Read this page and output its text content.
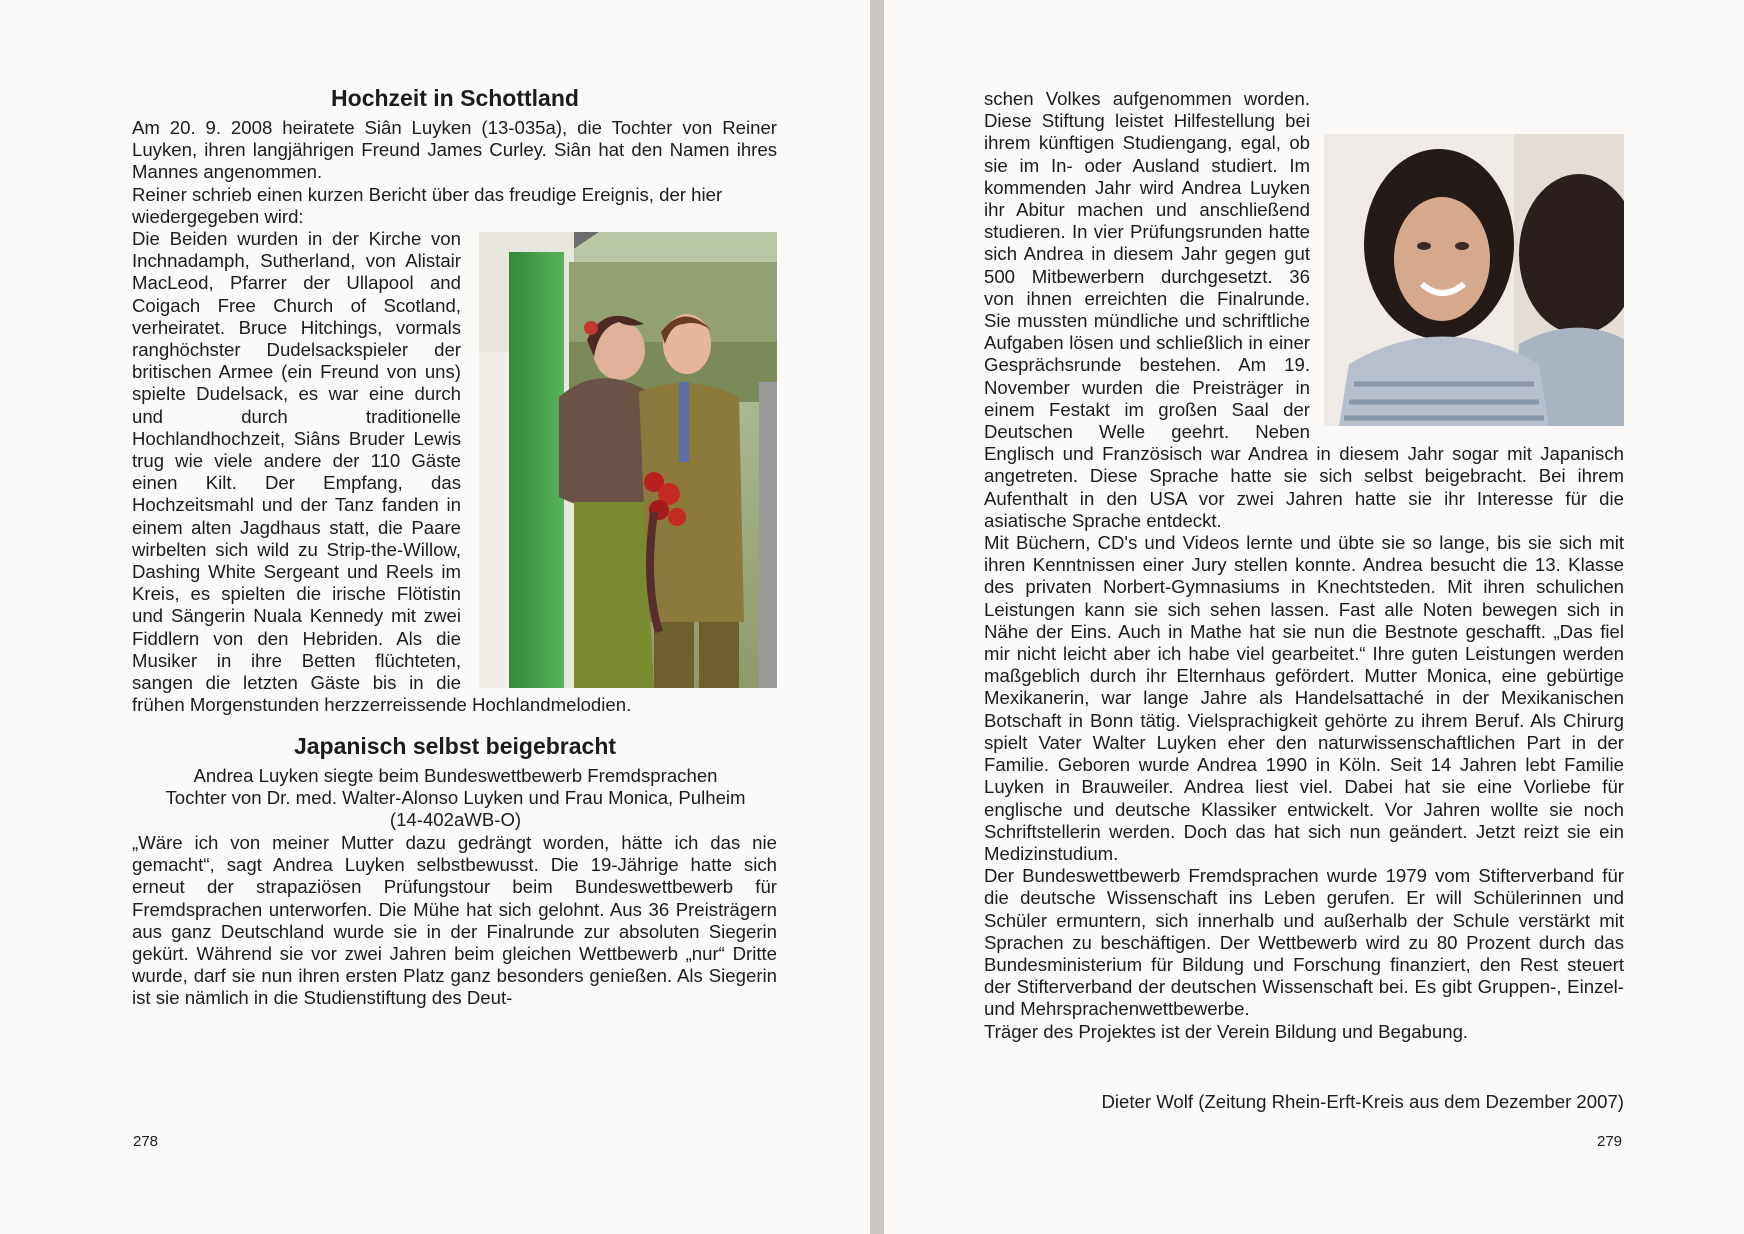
Hochzeit in Schottland

Am 20. 9. 2008 heiratete Siân Luyken (13-035a), die Tochter von Reiner Luyken, ihren langjährigen Freund James Curley. Siân hat den Namen ihres Mannes angenommen.

Reiner schrieb einen kurzen Bericht über das freudige Ereignis, der hier wiedergegeben wird:

Die Beiden wurden in der Kirche von Inchnadamph, Sutherland, von Alistair MacLeod, Pfarrer der Ullapool and Coigach Free Church of Scotland, verheiratet. Bruce Hitchings, vormals ranghöchster Dudelsackspieler der britischen Armee (ein Freund von uns) spielte Dudelsack, es war eine durch und durch traditionelle Hochlandhochzeit, Siâns Bruder Lewis trug wie viele andere der 110 Gäste einen Kilt. Der Empfang, das Hochzeitsmahl und der Tanz fanden in einem alten Jagdhaus statt, die Paare wirbelten sich wild zu Strip-the-Willow, Dashing White Sergeant und Reels im Kreis, es spielten die irische Flötistin und Sängerin Nuala Kennedy mit zwei Fiddlern von den Hebriden. Als die Musiker in ihre Betten flüchteten, sangen die letzten Gäste bis in die frühen Morgenstunden herzzerreissende Hochlandmelodien.

Japanisch selbst beigebracht

Andrea Luyken siegte beim Bundeswettbewerb Fremdsprachen

Tochter von Dr. med. Walter-Alonso Luyken und Frau Monica, Pulheim

(14-402aWB-O)

„Wäre ich von meiner Mutter dazu gedrängt worden, hätte ich das nie gemacht“, sagt Andrea Luyken selbstbewusst. Die 19-Jährige hatte sich erneut der strapaziösen Prüfungstour beim Bundeswettbewerb für Fremdsprachen unterworfen. Die Mühe hat sich gelohnt. Aus 36 Preisträgern aus ganz Deutschland wurde sie in der Finalrunde zur absoluten Siegerin gekürt. Während sie vor zwei Jahren beim gleichen Wettbewerb „nur“ Dritte wurde, darf sie nun ihren ersten Platz ganz besonders genießen. Als Siegerin ist sie nämlich in die Studienstiftung des Deut-

278

schen Volkes aufgenommen worden. Diese Stiftung leistet Hilfestellung bei ihrem künftigen Studiengang, egal, ob sie im In- oder Ausland studiert. Im kommenden Jahr wird Andrea Luyken ihr Abitur machen und anschließend studieren. In vier Prüfungsrunden hatte sich Andrea in diesem Jahr gegen gut 500 Mitbewerbern durchgesetzt. 36 von ihnen erreichten die Finalrunde. Sie mussten mündliche und schriftliche Aufgaben lösen und schließlich in einer Gesprächsrunde bestehen. Am 19. November wurden die Preisträger in einem Festakt im großen Saal der Deutschen Welle geehrt. Neben Englisch und Französisch war Andrea in diesem Jahr sogar mit Japanisch angetreten. Diese Sprache hatte sie sich selbst beigebracht. Bei ihrem Aufenthalt in den USA vor zwei Jahren hatte sie ihr Interesse für die asiatische Sprache entdeckt.

Mit Büchern, CD's und Videos lernte und übte sie so lange, bis sie sich mit ihren Kenntnissen einer Jury stellen konnte. Andrea besucht die 13. Klasse des privaten Norbert-Gymnasiums in Knechtsteden. Mit ihren schulichen Leistungen kann sie sich sehen lassen. Fast alle Noten bewegen sich in Nähe der Eins. Auch in Mathe hat sie nun die Bestnote geschafft. „Das fiel mir nicht leicht aber ich habe viel gearbeitet.“ Ihre guten Leistungen werden maßgeblich durch ihr Elternhaus gefördert. Mutter Monica, eine gebürtige Mexikanerin, war lange Jahre als Handelsattaché in der Mexikanischen Botschaft in Bonn tätig. Vielsprachigkeit gehörte zu ihrem Beruf. Als Chirurg spielt Vater Walter Luyken eher den naturwissenschaftlichen Part in der Familie. Geboren wurde Andrea 1990 in Köln. Seit 14 Jahren lebt Familie Luyken in Brauweiler. Andrea liest viel. Dabei hat sie eine Vorliebe für englische und deutsche Klassiker entwickelt. Vor Jahren wollte sie noch Schriftstellerin werden. Doch das hat sich nun geändert. Jetzt reizt sie ein Medizinstudium.

Der Bundeswettbewerb Fremdsprachen wurde 1979 vom Stifterverband für die deutsche Wissenschaft ins Leben gerufen. Er will Schülerinnen und Schüler ermuntern, sich innerhalb und außerhalb der Schule verstärkt mit Sprachen zu beschäftigen. Der Wettbewerb wird zu 80 Prozent durch das Bundesministerium für Bildung und Forschung finanziert, den Rest steuert der Stifterverband der deutschen Wissenschaft bei. Es gibt Gruppen-, Einzel- und Mehrsprachenwettbewerbe.

Träger des Projektes ist der Verein Bildung und Begabung.

Dieter Wolf (Zeitung Rhein-Erft-Kreis aus dem Dezember 2007)
279
